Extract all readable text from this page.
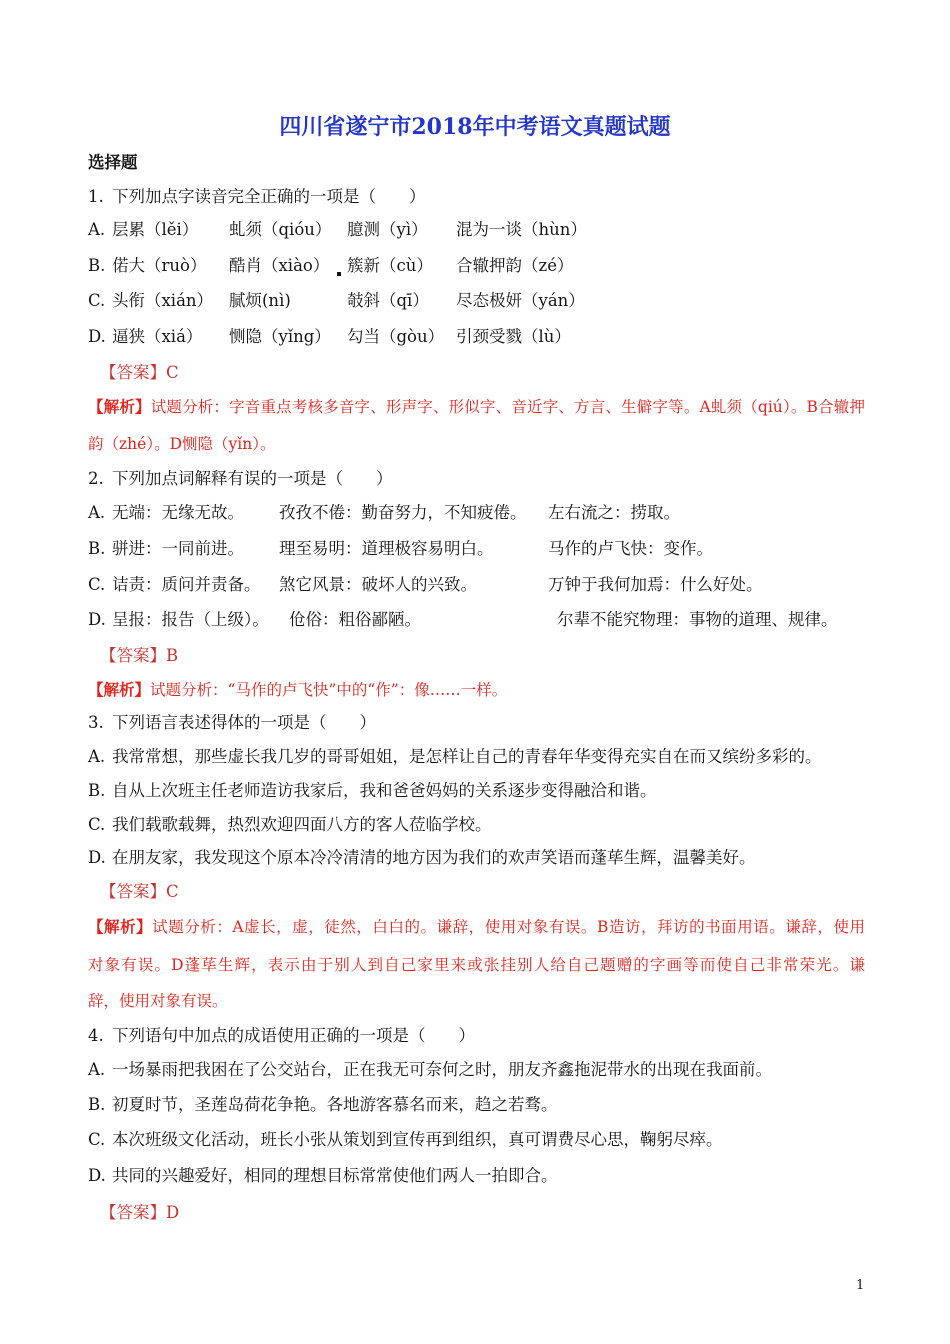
四川省遂宁市2018年中考语文真题试题
选择题
1. 下列加点字读音完全正确的一项是（　　）
A. 层累（lěi） 虬须（qióu） 臆测（yì） 混为一谈（hùn）
B. 偌大（ruò） 酷肖（xiào） 簇新（cù） 合辙押韵（zé）
C. 头衔（xián） 腻烦(nì)	攲斜（qī） 尽态极妍（yán）
D. 逼狭（xiá） 恻隐（yǐng） 勾当（gòu） 引颈受戮（lù）
【答案】C
【解析】试题分析：字音重点考核多音字、形声字、形似字、音近字、方言、生僻字等。A虬须（qiú）。B合辙押
韵（zhé）。D恻隐（yǐn）。
2. 下列加点词解释有误的一项是（　　）
A. 无端：无缘无故。 孜孜不倦：勤奋努力，不知疲倦。 左右流之：捞取。
B. 骈进：一同前进。 理至易明：道理极容易明白。	马作的卢飞快：变作。
C. 诘责：质问并责备。 煞它风景：破坏人的兴致。	万钟于我何加焉：什么好处。
D. 呈报：报告（上级）。 伧俗：粗俗鄙陋。	尔辈不能究物理：事物的道理、规律。
【答案】B
【解析】试题分析：“马作的卢飞快”中的“作”：像……一样。
3. 下列语言表述得体的一项是（　　）
A. 我常常想，那些虚长我几岁的哥哥姐姐，是怎样让自己的青春年华变得充实自在而又缤纷多彩的。
B. 自从上次班主任老师造访我家后，我和爸爸妈妈的关系逐步变得融洽和谐。
C. 我们载歌载舞，热烈欢迎四面八方的客人莅临学校。
D. 在朋友家，我发现这个原本冷冷清清的地方因为我们的欢声笑语而蓬荜生辉，温馨美好。
【答案】C
【解析】试题分析：A虚长，虚，徒然，白白的。谦辞，使用对象有误。B造访，拜访的书面用语。谦辞，使用
对象有误。D蓬荜生辉，表示由于别人到自己家里来或张挂别人给自己题赠的字画等而使自己非常荣光。谦
辞，使用对象有误。
4. 下列语句中加点的成语使用正确的一项是（　　）
A. 一场暴雨把我困在了公交站台，正在我无可奈何之时，朋友齐鑫拖泥带水的出现在我面前。
B. 初夏时节，圣莲岛荷花争艳。各地游客慕名而来，趋之若骛。
C. 本次班级文化活动，班长小张从策划到宣传再到组织，真可谓费尽心思，鞠躬尽瘁。
D. 共同的兴趣爱好，相同的理想目标常常使他们两人一拍即合。
【答案】D
1
